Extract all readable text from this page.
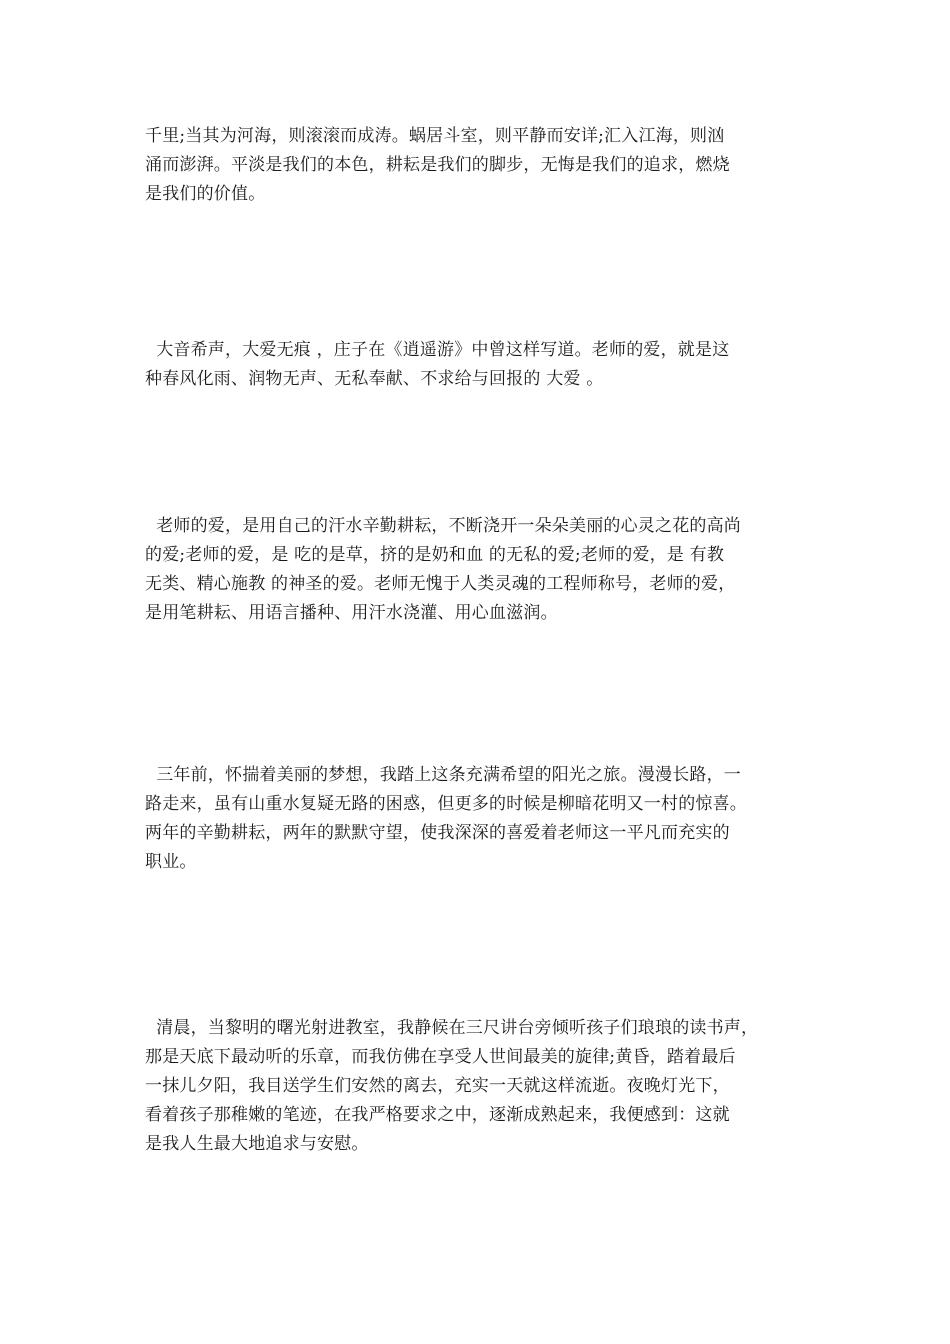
千里;当其为河海，则滚滚而成涛。蜗居斗室，则平静而安详;汇入江海，则汹
涌而澎湃。平淡是我们的本色，耕耘是我们的脚步，无悔是我们的追求，燃烧
是我们的价值。
大音希声，大爱无痕 ，庄子在《逍遥游》中曾这样写道。老师的爱，就是这
种春风化雨、润物无声、无私奉献、不求给与回报的 大爱 。
老师的爱，是用自己的汗水辛勤耕耘，不断浇开一朵朵美丽的心灵之花的高尚
的爱;老师的爱，是 吃的是草，挤的是奶和血 的无私的爱;老师的爱，是 有教
无类、精心施教 的神圣的爱。老师无愧于人类灵魂的工程师称号，老师的爱，
是用笔耕耘、用语言播种、用汗水浇灌、用心血滋润。
三年前，怀揣着美丽的梦想，我踏上这条充满希望的阳光之旅。漫漫长路，一
路走来，虽有山重水复疑无路的困惑，但更多的时候是柳暗花明又一村的惊喜。
两年的辛勤耕耘，两年的默默守望，使我深深的喜爱着老师这一平凡而充实的
职业。
清晨，当黎明的曙光射进教室，我静候在三尺讲台旁倾听孩子们琅琅的读书声，
那是天底下最动听的乐章，而我仿佛在享受人世间最美的旋律;黄昏，踏着最后
一抹儿夕阳，我目送学生们安然的离去，充实一天就这样流逝。夜晚灯光下，
看着孩子那稚嫩的笔迹，在我严格要求之中，逐渐成熟起来，我便感到：这就
是我人生最大地追求与安慰。
